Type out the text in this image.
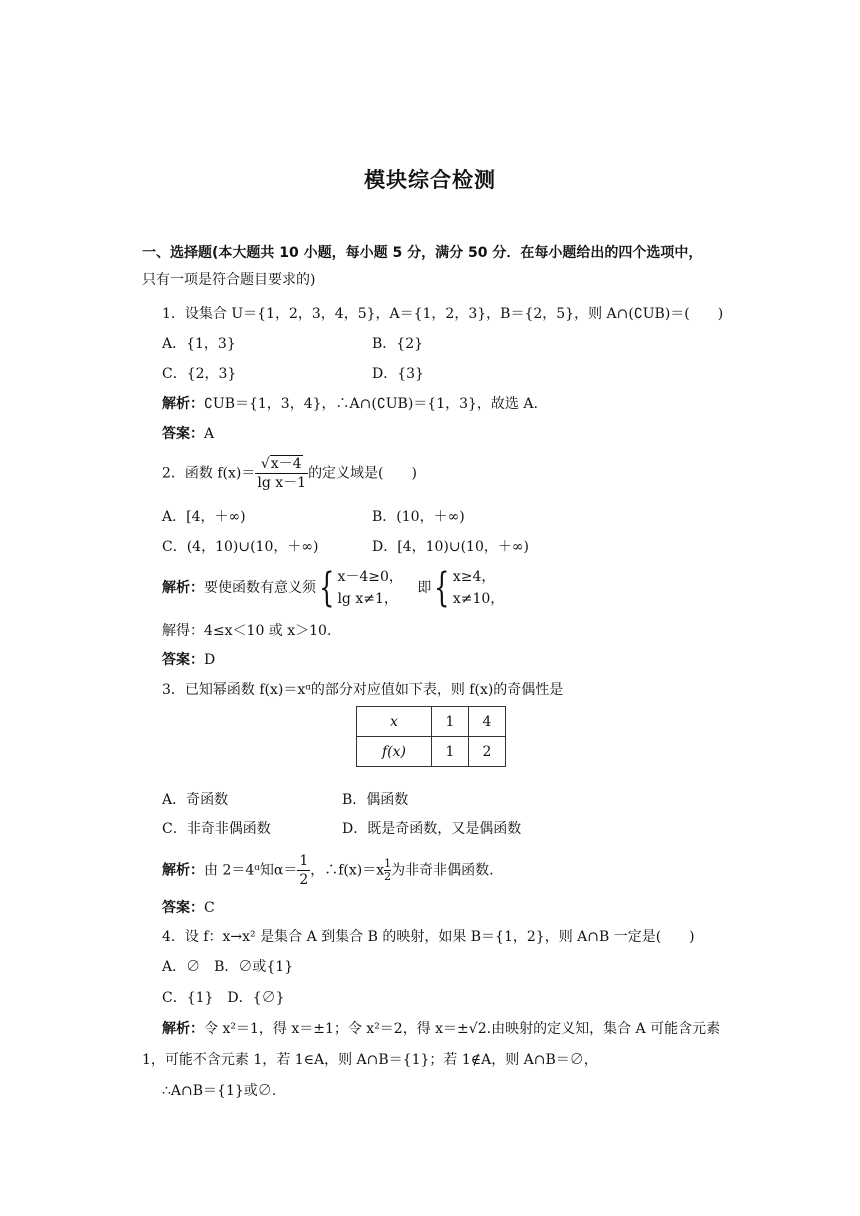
模块综合检测
一、选择题(本大题共 10 小题，每小题 5 分，满分 50 分．在每小题给出的四个选项中，
只有一项是符合题目要求的)
1．设集合 U＝{1，2，3，4，5}，A＝{1，2，3}，B＝{2，5}，则 A∩(∁UB)＝(　　)
A．{1，3}	B．{2}
C．{2，3}	D．{3}
解析：∁UB＝{1，3，4}，∴A∩(∁UB)＝{1，3}，故选 A.
答案：A
2．函数 $f(x)= \frac{√x-4}{\text{lg x－1}}$ 的定义域是(　　)
A．[4，＋∞)	B．(10，＋∞)
C．(4，10)∪(10，＋∞)	D．[4，10)∪(10，＋∞)
解析：要使函数有意义须{ x－4≥0，
lg x≠1，
即{ x≥4，
x≠10，
解得：4≤x＜10 或 x＞10.
答案：D
3．已知幂函数 f(x)＝xᵅ的部分对应值如下表，则 f(x)的奇偶性是
x	1	4
f(x)	1	2
A．奇函数	B．偶函数
C．非奇非偶函数	D．既是奇函数，又是偶函数
解析：由 2＝4ᵅ知$\alpha= \frac{1}{2}$ ，∴f(x)＝x $\frac{1}{2}$为非奇非偶函数.
答案：C
4．设 f：x→x² 是集合 A 到集合 B 的映射，如果 B＝{1，2}，则 A∩B 一定是(　　)
A．∅　B．∅或{1}
C．{1}　D．{∅}
解析：令 x²＝1，得 x＝±1；令 x²＝2，得 x＝±√2.由映射的定义知，集合 A 可能含元素
1，可能不含元素 1，若 1∈A，则 A∩B＝{1}；若 1∉A，则 A∩B＝∅，
∴A∩B＝{1}或∅.
